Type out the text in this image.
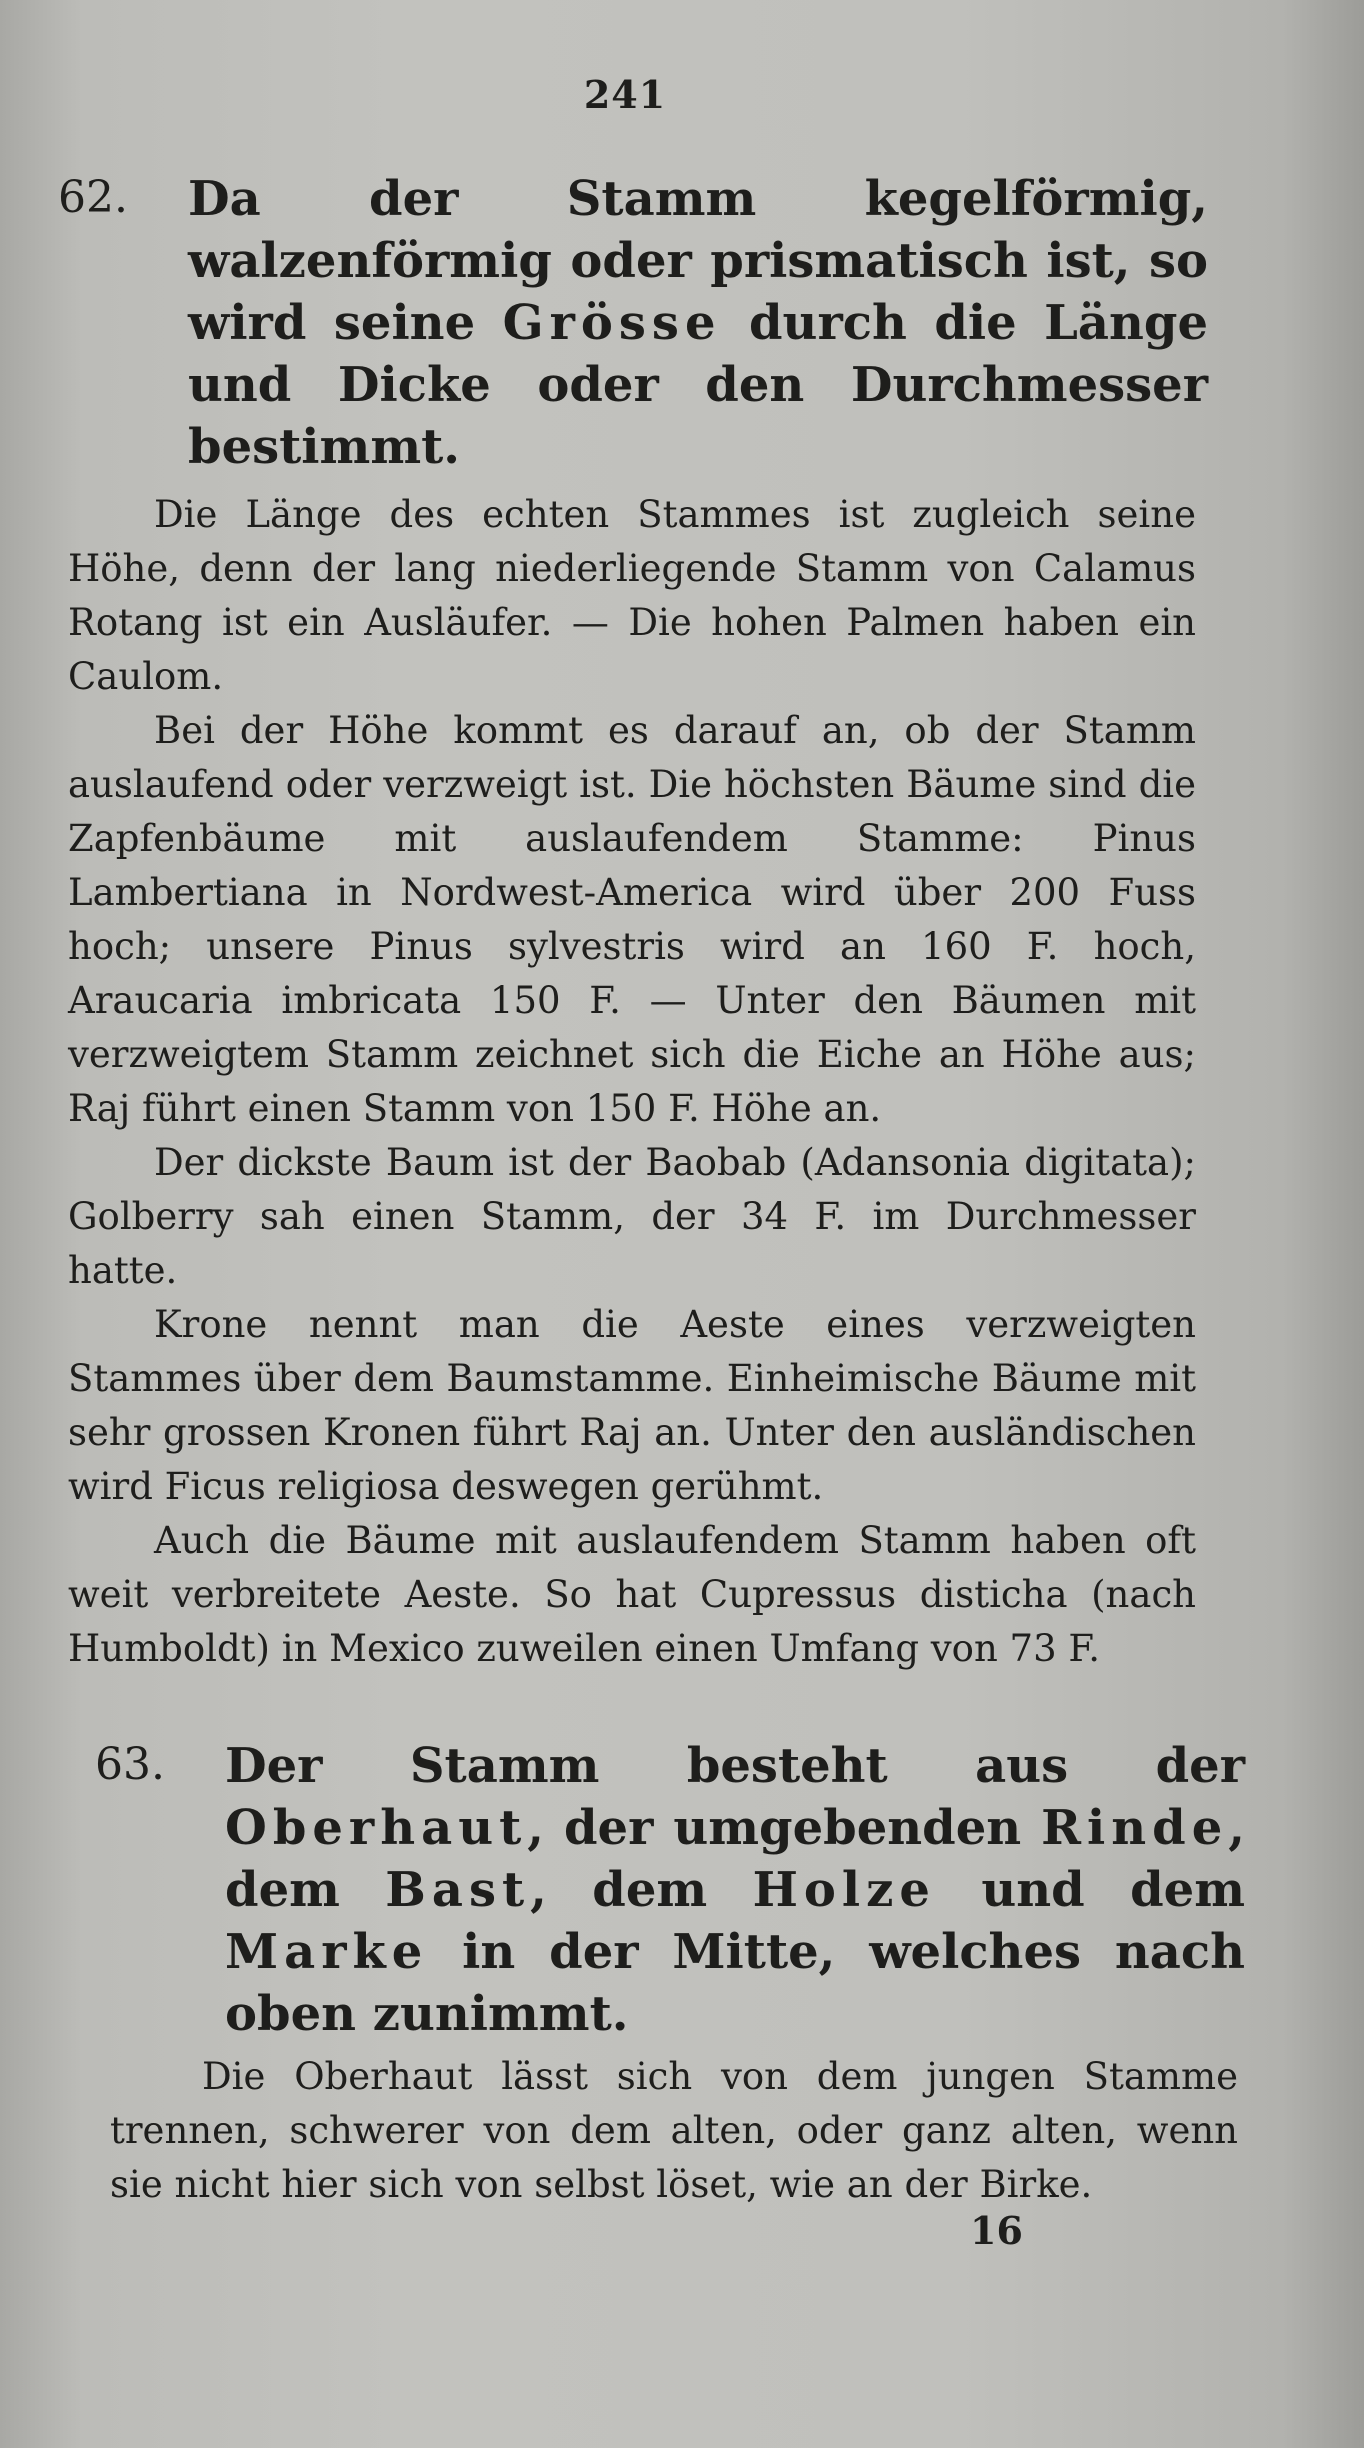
241
62.	Da der Stamm kegelförmig, walzenförmig oder prismatisch ist, so wird seine Grösse durch die Länge und Dicke oder den Durchmesser bestimmt.

Die Länge des echten Stammes ist zugleich seine Höhe, denn der lang niederliegende Stamm von Calamus Rotang ist ein Ausläufer. — Die hohen Palmen haben ein Caulom.

Bei der Höhe kommt es darauf an, ob der Stamm auslaufend oder verzweigt ist. Die höchsten Bäume sind die Zapfenbäume mit auslaufendem Stamme: Pinus Lambertiana in Nordwest-America wird über 200 Fuss hoch; unsere Pinus sylvestris wird an 160 F. hoch, Araucaria imbricata 150 F. — Unter den Bäumen mit verzweigtem Stamm zeichnet sich die Eiche an Höhe aus; Raj führt einen Stamm von 150 F. Höhe an.

Der dickste Baum ist der Baobab (Adansonia digitata); Golberry sah einen Stamm, der 34 F. im Durchmesser hatte.

Krone nennt man die Aeste eines verzweigten Stammes über dem Baumstamme. Einheimische Bäume mit sehr grossen Kronen führt Raj an. Unter den ausländischen wird Ficus religiosa deswegen gerühmt.

Auch die Bäume mit auslaufendem Stamm haben oft weit verbreitete Aeste. So hat Cupressus disticha (nach Humboldt) in Mexico zuweilen einen Umfang von 73 F.

63.	Der Stamm besteht aus der Oberhaut, der umgebenden Rinde, dem Bast, dem Holze und dem Marke in der Mitte, welches nach oben zunimmt.

Die Oberhaut lässt sich von dem jungen Stamme trennen, schwerer von dem alten, oder ganz alten, wenn sie nicht hier sich von selbst löset, wie an der Birke.

16
